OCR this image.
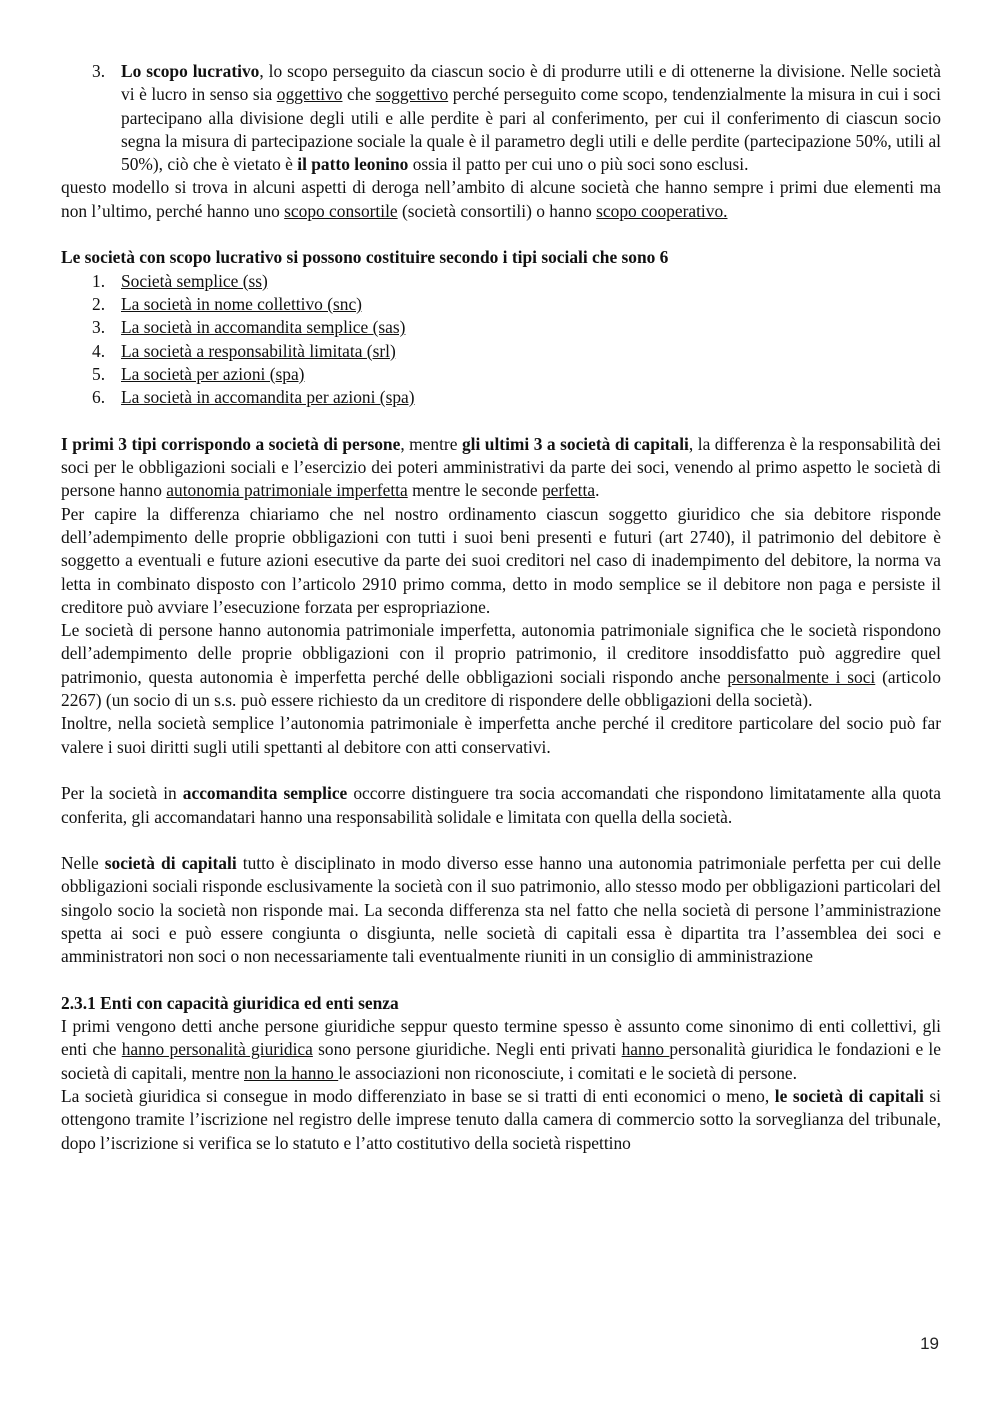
3. Lo scopo lucrativo, lo scopo perseguito da ciascun socio è di produrre utili e di ottenerne la divisione. Nelle società vi è lucro in senso sia oggettivo che soggettivo perché perseguito come scopo, tendenzialmente la misura in cui i soci partecipano alla divisione degli utili e alle perdite è pari al conferimento, per cui il conferimento di ciascun socio segna la misura di partecipazione sociale la quale è il parametro degli utili e delle perdite (partecipazione 50%, utili al 50%), ciò che è vietato è il patto leonino ossia il patto per cui uno o più soci sono esclusi.

questo modello si trova in alcuni aspetti di deroga nell’ambito di alcune società che hanno sempre i primi due elementi ma non l’ultimo, perché hanno uno scopo consortile (società consortili) o hanno scopo cooperativo.

Le società con scopo lucrativo si possono costituire secondo i tipi sociali che sono 6

1. Società semplice (ss)
2. La società in nome collettivo (snc)
3. La società in accomandita semplice (sas)
4. La società a responsabilità limitata (srl)
5. La società per azioni (spa)
6. La società in accomandita per azioni (spa)

I primi 3 tipi corrispondo a società di persone, mentre gli ultimi 3 a società di capitali, la differenza è la responsabilità dei soci per le obbligazioni sociali e l’esercizio dei poteri amministrativi da parte dei soci, venendo al primo aspetto le società di persone hanno autonomia patrimoniale imperfetta mentre le seconde perfetta.

Per capire la differenza chiariamo che nel nostro ordinamento ciascun soggetto giuridico che sia debitore risponde dell’adempimento delle proprie obbligazioni con tutti i suoi beni presenti e futuri (art 2740), il patrimonio del debitore è soggetto a eventuali e future azioni esecutive da parte dei suoi creditori nel caso di inadempimento del debitore, la norma va letta in combinato disposto con l’articolo 2910 primo comma, detto in modo semplice se il debitore non paga e persiste il creditore può avviare l’esecuzione forzata per espropriazione.

Le società di persone hanno autonomia patrimoniale imperfetta, autonomia patrimoniale significa che le società rispondono dell’adempimento delle proprie obbligazioni con il proprio patrimonio, il creditore insoddisfatto può aggredire quel patrimonio, questa autonomia è imperfetta perché delle obbligazioni sociali rispondo anche personalmente i soci (articolo 2267) (un socio di un s.s. può essere richiesto da un creditore di rispondere delle obbligazioni della società).

Inoltre, nella società semplice l’autonomia patrimoniale è imperfetta anche perché il creditore particolare del socio può far valere i suoi diritti sugli utili spettanti al debitore con atti conservativi.

Per la società in accomandita semplice occorre distinguere tra socia accomandati che rispondono limitatamente alla quota conferita, gli accomandatari hanno una responsabilità solidale e limitata con quella della società.

Nelle società di capitali tutto è disciplinato in modo diverso esse hanno una autonomia patrimoniale perfetta per cui delle obbligazioni sociali risponde esclusivamente la società con il suo patrimonio, allo stesso modo per obbligazioni particolari del singolo socio la società non risponde mai. La seconda differenza sta nel fatto che nella società di persone l’amministrazione spetta ai soci e può essere congiunta o disgiunta, nelle società di capitali essa è dipartita tra l’assemblea dei soci e amministratori non soci o non necessariamente tali eventualmente riuniti in un consiglio di amministrazione

2.3.1 Enti con capacità giuridica ed enti senza

I primi vengono detti anche persone giuridiche seppur questo termine spesso è assunto come sinonimo di enti collettivi, gli enti che hanno personalità giuridica sono persone giuridiche. Negli enti privati hanno personalità giuridica le fondazioni e le società di capitali, mentre non la hanno le associazioni non riconosciute, i comitati e le società di persone.

La società giuridica si consegue in modo differenziato in base se si tratti di enti economici o meno, le società di capitali si ottengono tramite l’iscrizione nel registro delle imprese tenuto dalla camera di commercio sotto la sorveglianza del tribunale, dopo l’iscrizione si verifica se lo statuto e l’atto costitutivo della società rispettino

19
